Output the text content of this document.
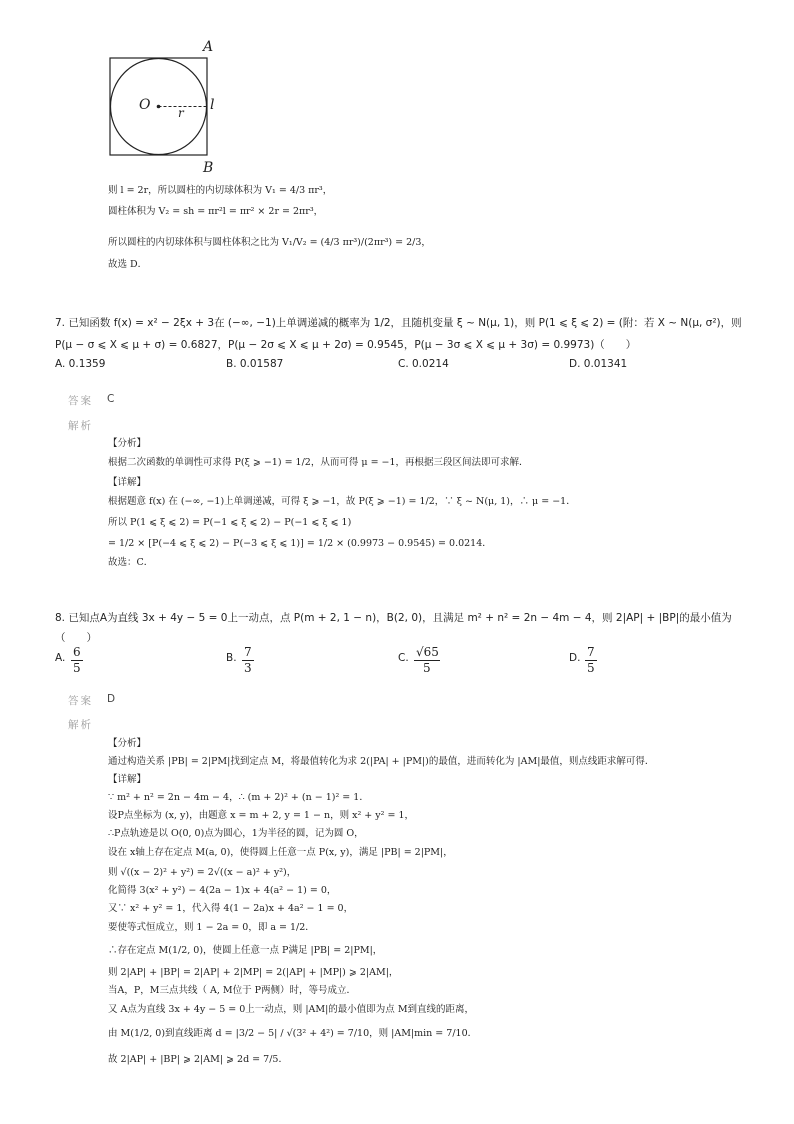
A
B
O	l
r
则 l = 2r，所以圆柱的内切球体积为 V₁ = 4/3 πr³，
圆柱体积为 V₂ = sh = πr²l = πr² × 2r = 2πr³，
所以圆柱的内切球体积与圆柱体积之比为 V₁/V₂ = (4/3 πr³)/(2πr³) = 2/3，
故选 D．
7. 已知函数 f(x) = x² − 2ξx + 3在 (−∞, −1)上单调递减的概率为 1/2，且随机变量 ξ ~ N(μ, 1)，则 P(1 ⩽ ξ ⩽ 2) = (附：若 X ~ N(μ, σ²)，则
P(μ − σ ⩽ X ⩽ μ + σ) = 0.6827，P(μ − 2σ ⩽ X ⩽ μ + 2σ) = 0.9545，P(μ − 3σ ⩽ X ⩽ μ + 3σ) = 0.9973)（　　）
A. 0.1359	B. 0.01587	C. 0.0214	D. 0.01341
答案 C
解析
【分析】
根据二次函数的单调性可求得 P(ξ ⩾ −1) = 1/2，从而可得 μ = −1，再根据三段区间法即可求解．
【详解】
根据题意 f(x) 在 (−∞, −1)上单调递减，可得 ξ ⩾ −1，故 P(ξ ⩾ −1) = 1/2，∵ ξ ~ N(μ, 1)，∴ μ = −1．
所以 P(1 ⩽ ξ ⩽ 2) = P(−1 ⩽ ξ ⩽ 2) − P(−1 ⩽ ξ ⩽ 1)
= 1/2 × [P(−4 ⩽ ξ ⩽ 2) − P(−3 ⩽ ξ ⩽ 1)] = 1/2 × (0.9973 − 0.9545) = 0.0214．
故选：C．
8. 已知点A为直线 3x + 4y − 5 = 0上一动点，点 P(m + 2, 1 − n)，B(2, 0)，且满足 m² + n² = 2n − 4m − 4，则 2|AP| + |BP|的最小值为
（　　）
A. 6
5
B. 7
3
C. √65
5
D. 7
5
答案 D
解析
【分析】
通过构造关系 |PB| = 2|PM|找到定点 M，将最值转化为求 2(|PA| + |PM|)的最值，进而转化为 |AM|最值，则点线距求解可得．
【详解】
∵ m² + n² = 2n − 4m − 4，∴ (m + 2)² + (n − 1)² = 1．
设P点坐标为 (x, y)，由题意 x = m + 2, y = 1 − n，则 x² + y² = 1，
∴P点轨迹是以 O(0, 0)点为圆心，1为半径的圆，记为圆 O，
设在 x轴上存在定点 M(a, 0)，使得圆上任意一点 P(x, y)，满足 |PB| = 2|PM|，
则 √((x − 2)² + y²) = 2√((x − a)² + y²)，
化简得 3(x² + y²) − 4(2a − 1)x + 4(a² − 1) = 0，
又∵ x² + y² = 1，代入得 4(1 − 2a)x + 4a² − 1 = 0，
要使等式恒成立，则 1 − 2a = 0，即 a = 1/2．
∴存在定点 M(1/2, 0)，使圆上任意一点 P满足 |PB| = 2|PM|，
则 2|AP| + |BP| = 2|AP| + 2|MP| = 2(|AP| + |MP|) ⩾ 2|AM|，
当A，P，M三点共线（ A, M位于 P两侧）时，等号成立．
又 A点为直线 3x + 4y − 5 = 0上一动点，则 |AM|的最小值即为点 M到直线的距离，
由 M(1/2, 0)到直线距离 d = |3/2 − 5| / √(3² + 4²) = 7/10，则 |AM|min = 7/10．
故 2|AP| + |BP| ⩾ 2|AM| ⩾ 2d = 7/5．
